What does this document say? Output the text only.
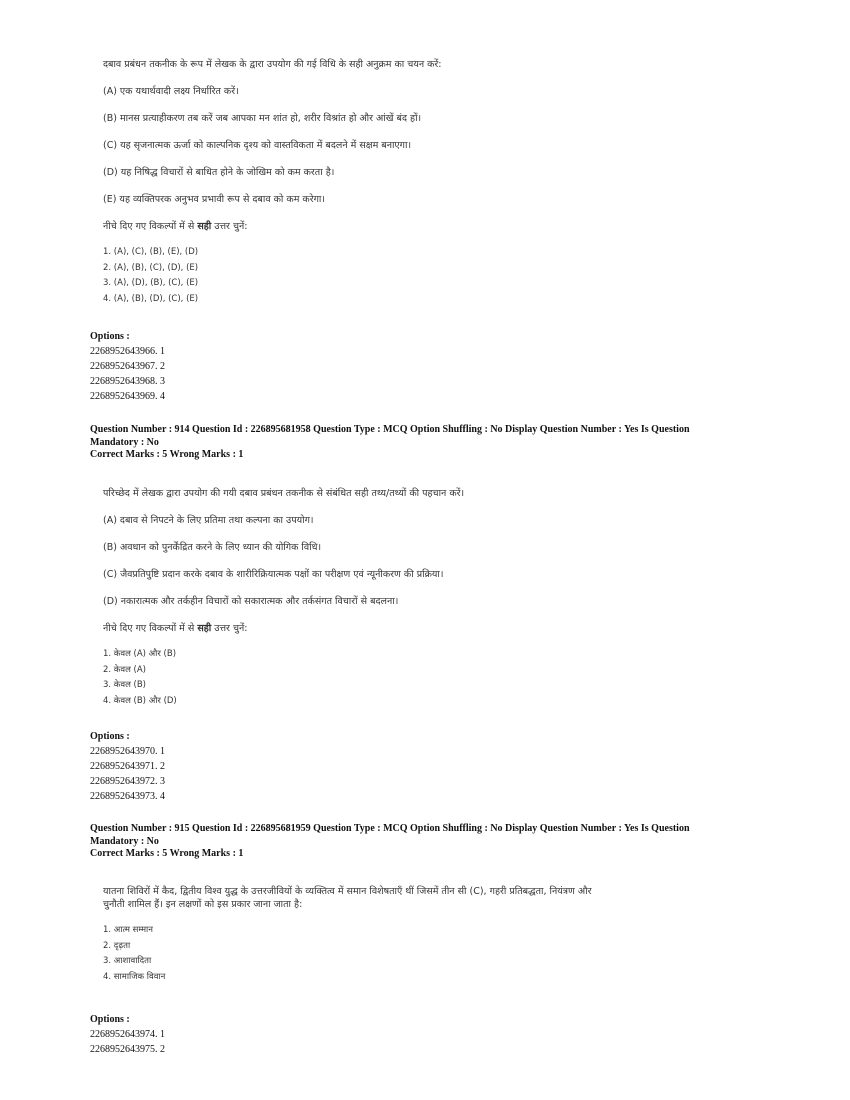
दबाव प्रबंधन तकनीक के रूप में लेखक के द्वारा उपयोग की गई विधि के सही अनुक्रम का चयन करें:

(A) एक यथार्थवादी लक्ष्य निर्धारित करें।

(B) मानस प्रत्याहीकरण तब करें जब आपका मन शांत हो, शरीर विश्रांत हो और आंखें बंद हों।

(C) यह सृजनात्मक ऊर्जा को काल्पनिक दृश्य को वास्तविकता में बदलने में सक्षम बनाएगा।

(D) यह निषिद्ध विचारों से बाधित होने के जोखिम को कम करता है।

(E) यह व्यक्तिपरक अनुभव प्रभावी रूप से दबाव को कम करेगा।

नीचे दिए गए विकल्पों में से सही उत्तर चुनें:

1. (A), (C), (B), (E), (D)
2. (A), (B), (C), (D), (E)
3. (A), (D), (B), (C), (E)
4. (A), (B), (D), (C), (E)
Options :
2268952643966. 1
2268952643967. 2
2268952643968. 3
2268952643969. 4
Question Number : 914 Question Id : 226895681958 Question Type : MCQ Option Shuffling : No Display Question Number : Yes Is Question
Mandatory : No
Correct Marks : 5 Wrong Marks : 1

परिच्छेद में लेखक द्वारा उपयोग की गयी दबाव प्रबंधन तकनीक से संबंधित सही तथ्य/तथ्यों की पहचान करें।

(A) दबाव से निपटने के लिए प्रतिमा तथा कल्पना का उपयोग।

(B) अवधान को पुनर्केंद्रित करने के लिए ध्यान की योगिक विधि।

(C) जैवप्रतिपुष्टि प्रदान करके दबाव के शारीरिक्रियात्मक पक्षों का परीक्षण एवं न्यूनीकरण की प्रक्रिया।

(D) नकारात्मक और तर्कहीन विचारों को सकारात्मक और तर्कसंगत विचारों से बदलना।

नीचे दिए गए विकल्पों में से सही उत्तर चुनें:

1. केवल (A) और (B)
2. केवल (A)
3. केवल (B)
4. केवल (B) और (D)
Options :
2268952643970. 1
2268952643971. 2
2268952643972. 3
2268952643973. 4
Question Number : 915 Question Id : 226895681959 Question Type : MCQ Option Shuffling : No Display Question Number : Yes Is Question
Mandatory : No
Correct Marks : 5 Wrong Marks : 1

यातना शिविरों में कैद, द्वितीय विश्व युद्ध के उत्तरजीवियों के व्यक्तित्व में समान विशेषताएँ थीं जिसमें तीन सी (C), गहरी प्रतिबद्धता, नियंत्रण और

चुनौती शामिल हैं। इन लक्षणों को इस प्रकार जाना जाता है:

1. आत्म सम्मान
2. दृढ़ता
3. आशावादिता
4. सामाजिक विवान
Options :
2268952643974. 1
2268952643975. 2
